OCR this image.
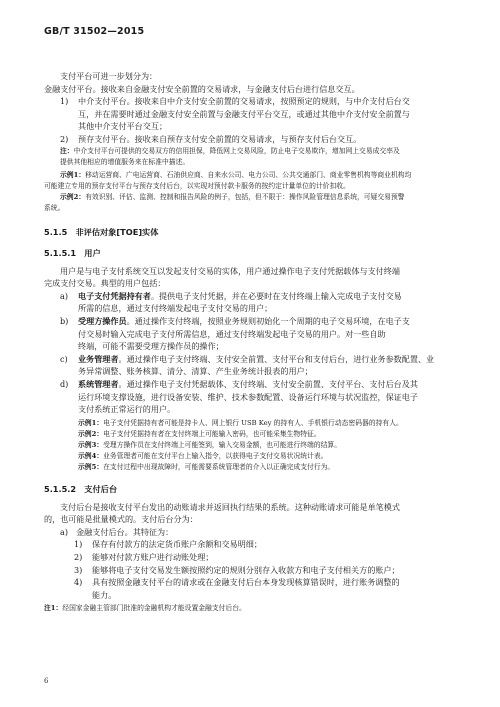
GB/T 31502—2015

支付平台可进一步划分为：

金融支付平台。接收来自金融支付安全前置的交易请求，与金融支付后台进行信息交互。

1) 中介支付平台。接收来自中介支付安全前置的交易请求，按照预定的规则，与中介支付后台交
互，并在需要时通过金融支付安全前置与金融支付平台交互，或通过其他中介支付安全前置与
其他中介支付平台交互；
2) 预存支付平台。接收来自预存支付安全前置的交易请求，与预存支付后台交互。
注：中介支付平台可提供的交易双方的信用担保，降低网上交易风险，防止电子交易欺诈，增加网上交易成交率及
提供其他相应的增值服务来在标准中描述。
示例1：移动运营商、广电运营商、石油供应商、自来水公司、电力公司、公共交通部门、商业零售机构等商业机构均
可能建立专用的预存支付平台与预存支付后台，以实现对预付款卡服务的按约定计量单位的计价扣收。
示例2：有效识别、评估、监测、控制和报告风险的例子，包括，但不限于：操作风险管理信息系统，可疑交易预警
系统。
5.1.5　非评估对象[TOE]实体
5.1.5.1　用户

用户是与电子支付系统交互以发起支付交易的实体，用户通过操作电子支付凭据载体与支付终端

完成支付交易。典型的用户包括：

a) 电子支付凭据持有者。提供电子支付凭据，并在必要时在支付终端上输入完成电子支付交易
所需的信息，通过支付终端发起电子支付交易的用户；
b) 受理方操作员。通过操作支付终端，按照业务规则初始化一个周期的电子交易环境，在电子支
付交易时输入完成电子支付所需信息，通过支付终端发起电子交易的用户。对一些自助
终端，可能不需要受理方操作员的操作；
c) 业务管理者。通过操作电子支付终端、支付安全前置、支付平台和支付后台，进行业务参数配置、业
务异常调整、账务核算、清分、清算、产生业务统计报表的用户；
d) 系统管理者。通过操作电子支付凭据载体、支付终端、支付安全前置、支付平台、支付后台及其
运行环境支撑设施，进行设备安装、维护、技术参数配置、设备运行环境与状况监控，保证电子
支付系统正常运行的用户。
示例1：电子支付凭据持有者可能是持卡人、网上银行 USB Key 的持有人、手机银行动态密码器的持有人。
示例2：电子支付凭据持有者在支付终端上可能输入密码，也可能采集生物特征。
示例3：受理方操作员在支付终端上可能签到，输入交易金额，也可能进行终端的结算。
示例4：业务管理者可能在支付平台上输入指令，以获得电子支付交易状况统计表。
示例5：在支付过程中出现故障时，可能需要系统管理者的介入以正确完成支付行为。
5.1.5.2　支付后台

支付后台是接收支付平台发出的动账请求并返回执行结果的系统。这种动账请求可能是单笔模式

的，也可能是批量模式的。支付后台分为：

a)　金融支付后台。其特征为：

1) 保存有付款方的法定货币账户余额和交易明细；
2) 能够对付款方账户进行动账处理；
3) 能够将电子支付交易发生额按照约定的规则分别存入收款方和电子支付相关方的账户；
4) 具有按照金融支付平台的请求或在金融支付后台本身发现核算错误时，进行账务调整的
能力。
注1：经国家金融主管部门批准的金融机构才能设置金融支付后台。
6
